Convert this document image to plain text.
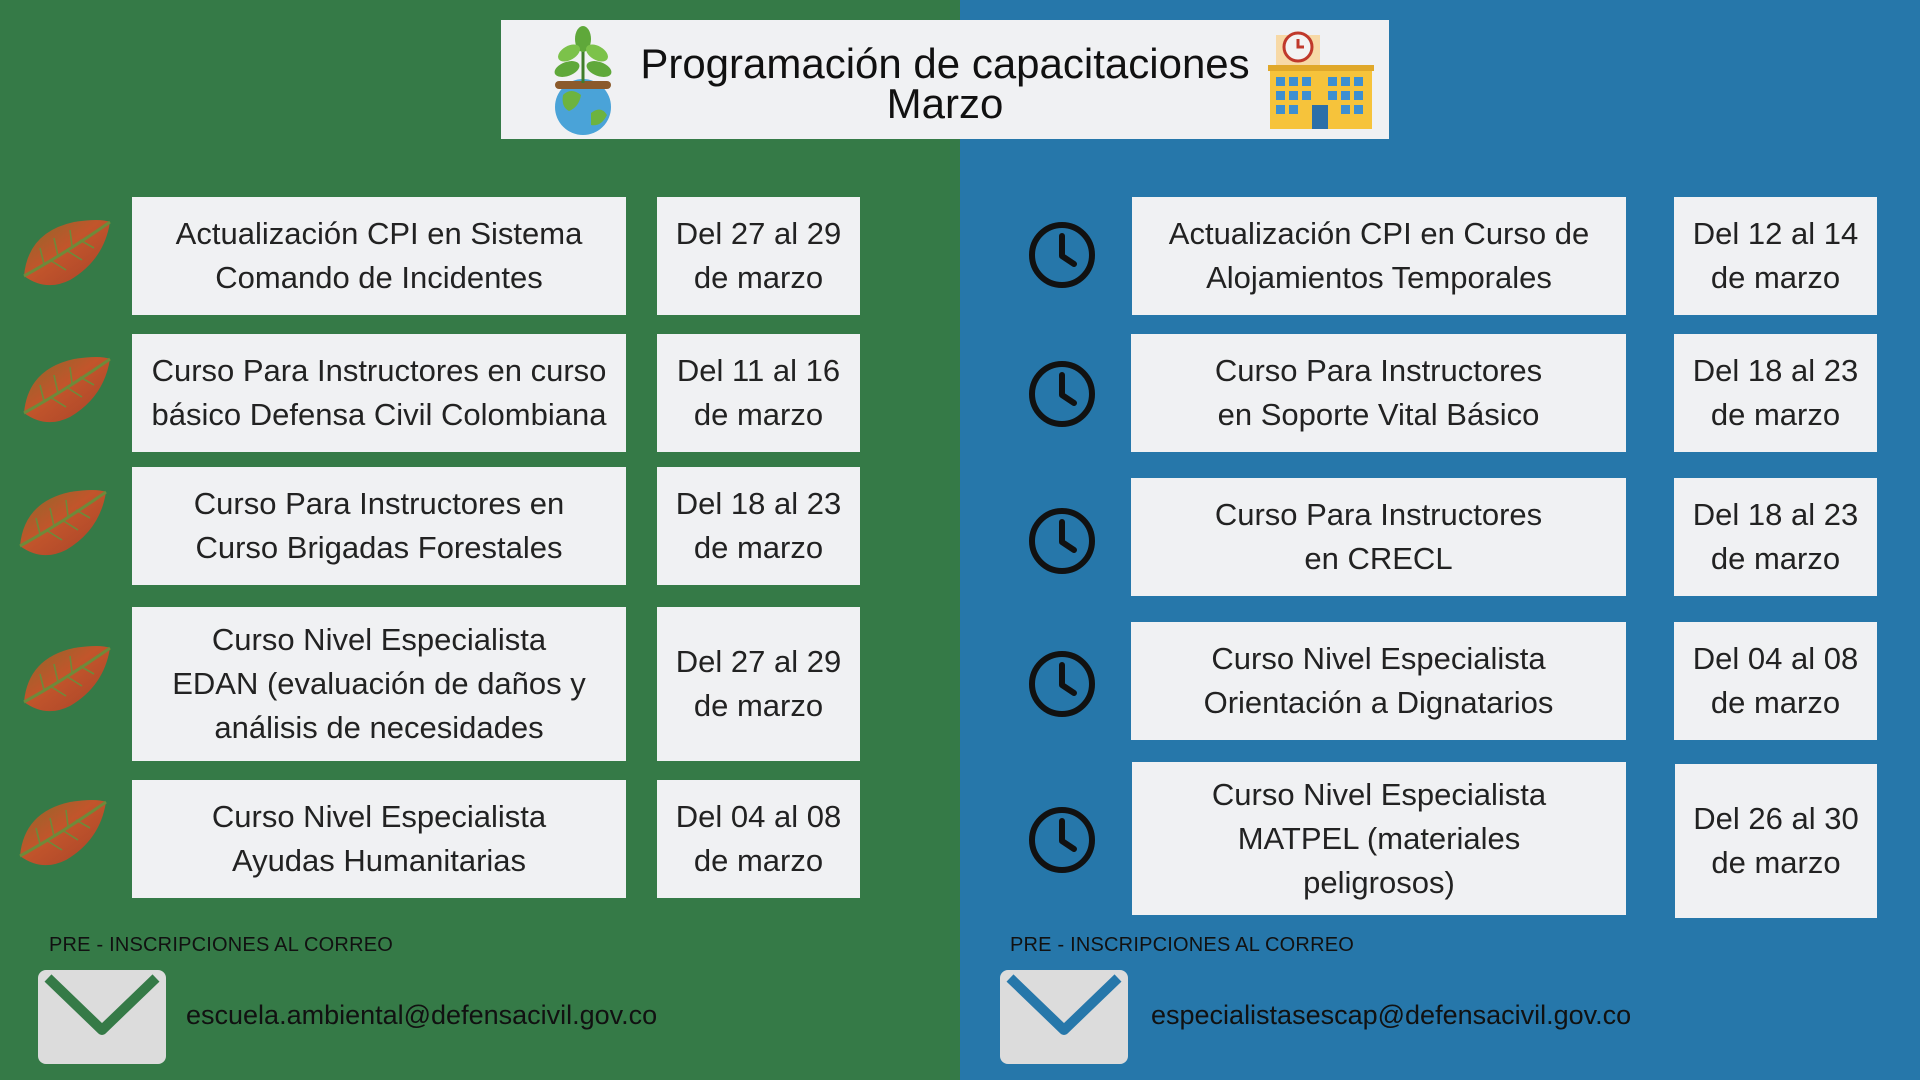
Programación de capacitaciones
Marzo
Actualización CPI en Sistema
Comando de Incidentes
Del 27 al 29
de marzo
Curso Para Instructores en curso
básico Defensa Civil Colombiana
Del 11 al 16
de marzo
Curso Para Instructores en
Curso Brigadas Forestales
Del 18 al 23
de marzo
Curso Nivel Especialista
EDAN (evaluación de daños y
análisis de necesidades
Del 27 al 29
de marzo
Curso Nivel Especialista
Ayudas Humanitarias
Del 04 al 08
de marzo
PRE - INSCRIPCIONES AL CORREO
escuela.ambiental@defensacivil.gov.co
Actualización CPI en Curso de
Alojamientos Temporales
Del 12 al 14
de marzo
Curso Para Instructores
en Soporte Vital Básico
Del 18 al 23
de marzo
Curso Para Instructores
en CRECL
Del 18 al 23
de marzo
Curso Nivel Especialista
Orientación a Dignatarios
Del 04 al 08
de marzo
Curso Nivel Especialista
MATPEL (materiales
peligrosos)
Del 26 al 30
de marzo
PRE - INSCRIPCIONES AL CORREO
especialistasescap@defensacivil.gov.co
